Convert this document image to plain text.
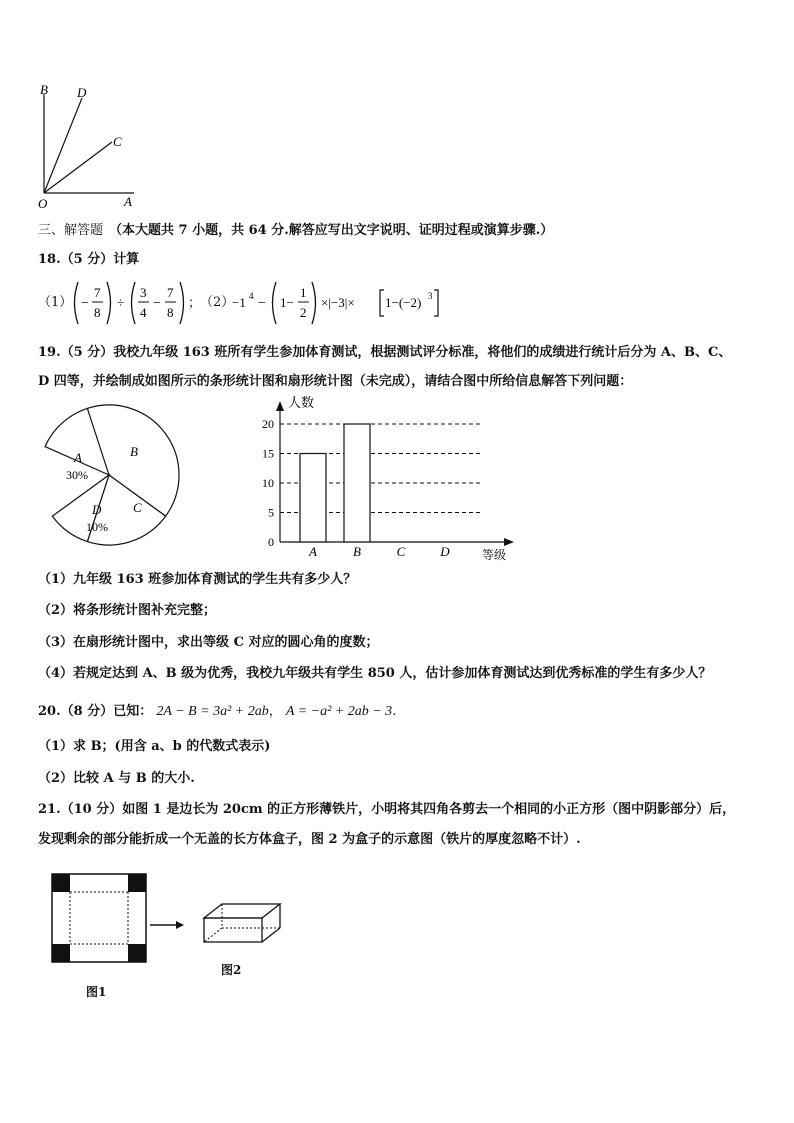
B D
C
O	A
三、解答题 （本大题共 7 小题，共 64 分.解答应写出文字说明、证明过程或演算步骤.）
18.（5 分）计算
（1） −
7
8
÷
3
4
−
7
8
；
（2）
−1 4 − 1−
1
2
×|−3|× 1−(−2) 3
19.（5 分）我校九年级 163 班所有学生参加体育测试，根据测试评分标准，将他们的成绩进行统计后分为 A、B、C、
D 四等，并绘制成如图所示的条形统计图和扇形统计图（未完成），请结合图中所给信息解答下列问题：
A
30%
B
C
D
10%
人数
等级
0
5
10
15
20
A	B	C	D
（1）九年级 163 班参加体育测试的学生共有多少人？
（2）将条形统计图补充完整；
（3）在扇形统计图中，求出等级 C 对应的圆心角的度数；
（4）若规定达到 A、B 级为优秀，我校九年级共有学生 850 人，估计参加体育测试达到优秀标准的学生有多少人？
20.（8 分）已知： 2A − B = 3a² + 2ab， A = −a² + 2ab − 3.
（1）求 B；(用含 a、b 的代数式表示)
（2）比较 A 与 B 的大小.
21.（10 分）如图 1 是边长为 20cm 的正方形薄铁片，小明将其四角各剪去一个相同的小正方形（图中阴影部分）后，
发现剩余的部分能折成一个无盖的长方体盒子，图 2 为盒子的示意图（铁片的厚度忽略不计）.
图1
图2
